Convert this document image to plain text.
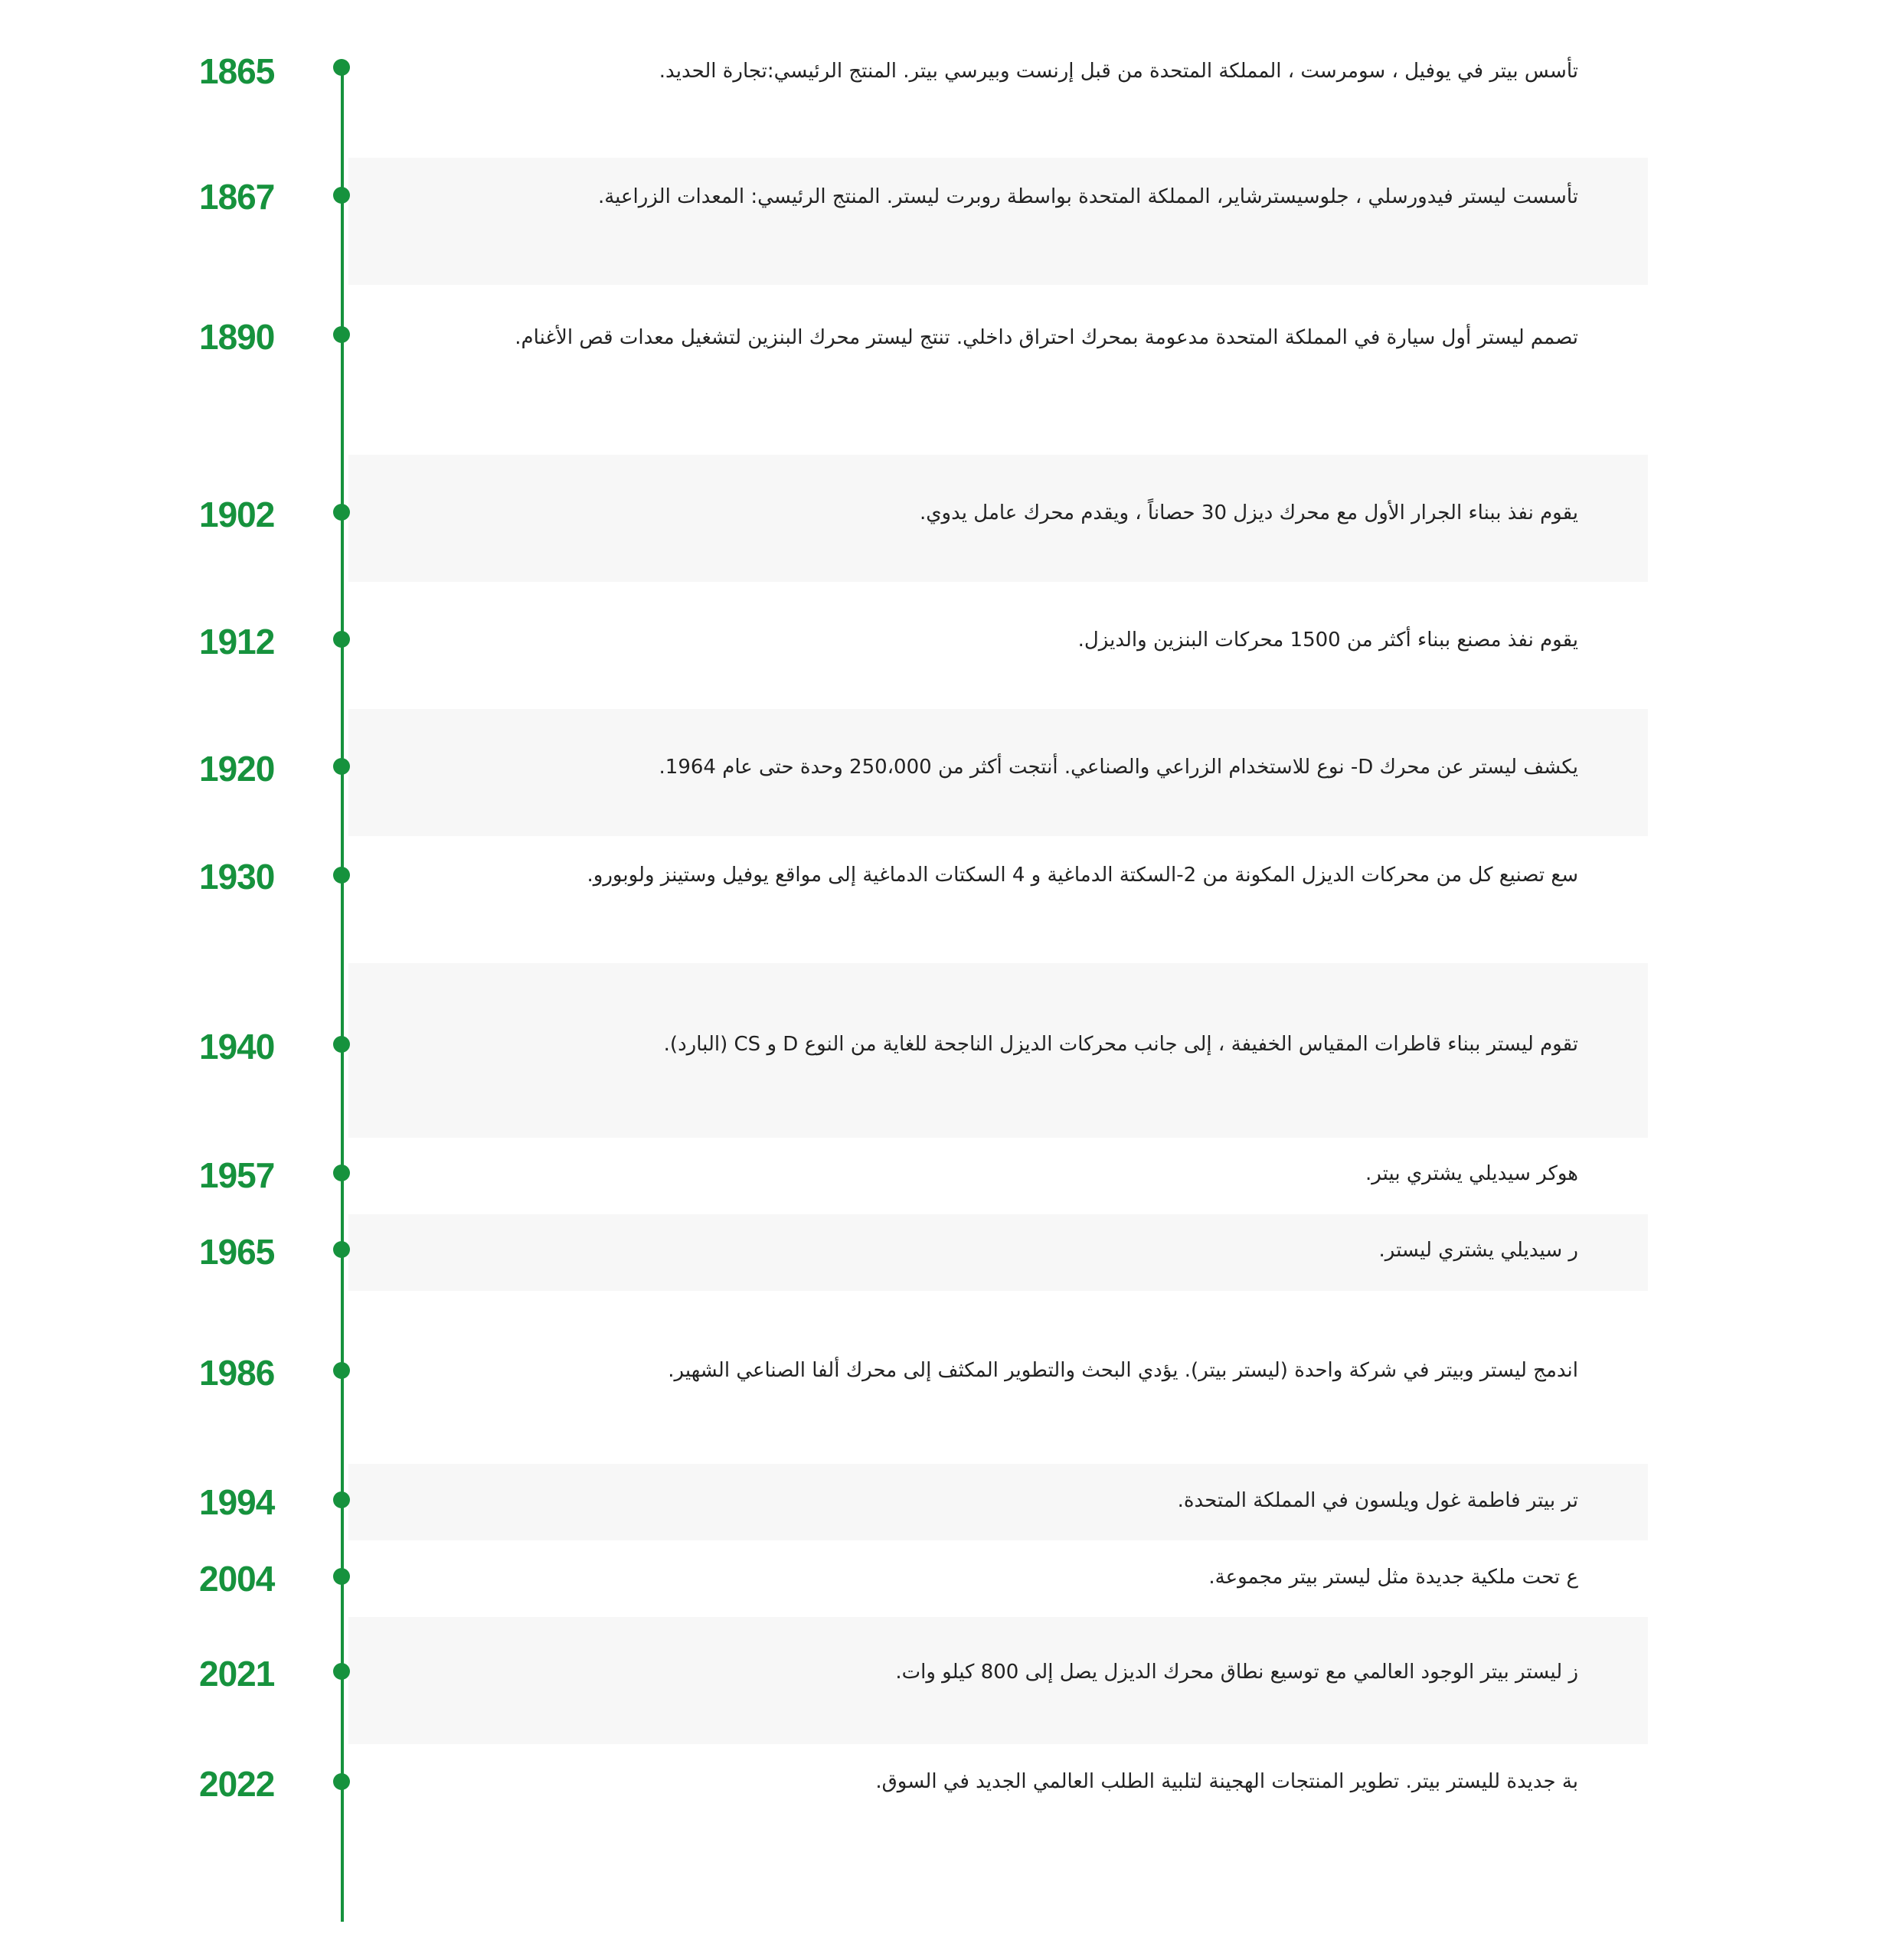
1865	تأسس بيتر في يوفيل ، سومرست ، المملكة المتحدة من قبل إرنست وبيرسي بيتر. المنتج الرئيسي:تجارة الحديد.
1867	تأسست ليستر فيدورسلي ، جلوسيسترشاير، المملكة المتحدة بواسطة روبرت ليستر. المنتج الرئيسي: المعدات الزراعية.
1890	تصمم ليستر أول سيارة في المملكة المتحدة مدعومة بمحرك احتراق داخلي. تنتج ليستر محرك البنزين لتشغيل معدات قص الأغنام.
1902	يقوم نفذ ببناء الجرار الأول مع محرك ديزل 30 حصاناً ، ويقدم محرك عامل يدوي.
1912	يقوم نفذ مصنع ببناء أكثر من 1500 محركات البنزين والديزل.
1920	يكشف ليستر عن محرك D- نوع للاستخدام الزراعي والصناعي. أنتجت أكثر من 250،000 وحدة حتى عام 1964.
1930	سع تصنيع كل من محركات الديزل المكونة من 2-السكتة الدماغية و 4 السكتات الدماغية إلى مواقع يوفيل وستينز ولوبورو.
1940	تقوم ليستر ببناء قاطرات المقياس الخفيفة ، إلى جانب محركات الديزل الناجحة للغاية من النوع D و CS (البارد).
1957	هوكر سيديلي يشتري بيتر.
1965	ر سيديلي يشتري ليستر.
1986	اندمج ليستر وبيتر في شركة واحدة (ليستر بيتر). يؤدي البحث والتطوير المكثف إلى محرك ألفا الصناعي الشهير.
1994	تر بيتر فاطمة غول ويلسون في المملكة المتحدة.
2004	ع تحت ملكية جديدة مثل ليستر بيتر مجموعة.
2021	ز ليستر بيتر الوجود العالمي مع توسيع نطاق محرك الديزل يصل إلى 800 كيلو وات.
2022	بة جديدة لليستر بيتر. تطوير المنتجات الهجينة لتلبية الطلب العالمي الجديد في السوق.
